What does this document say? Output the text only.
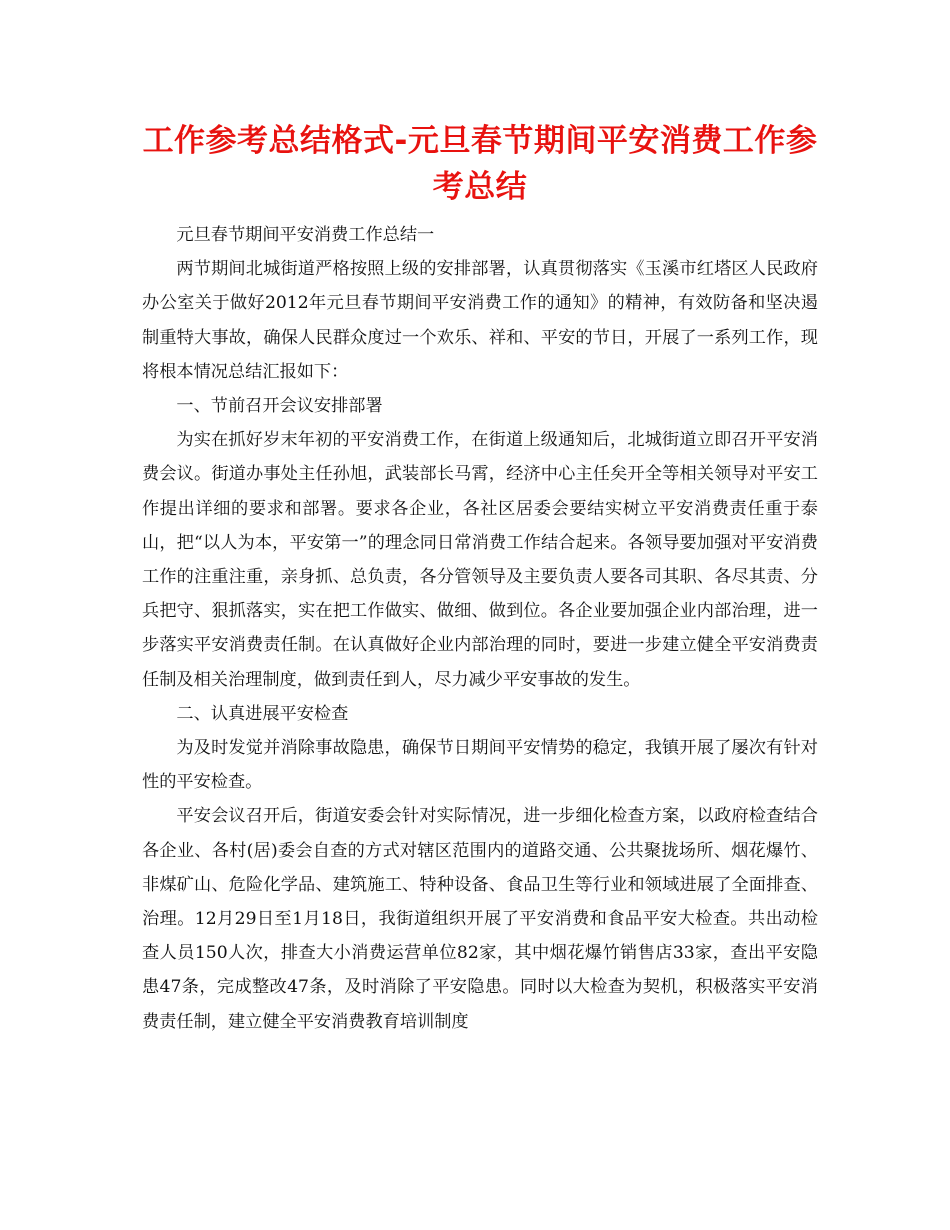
工作参考总结格式-元旦春节期间平安消费工作参考总结

元旦春节期间平安消费工作总结一

两节期间北城街道严格按照上级的安排部署，认真贯彻落实《玉溪市红塔区人民政府办公室关于做好2012年元旦春节期间平安消费工作的通知》的精神，有效防备和坚决遏制重特大事故，确保人民群众度过一个欢乐、祥和、平安的节日，开展了一系列工作，现将根本情况总结汇报如下：

一、节前召开会议安排部署

为实在抓好岁末年初的平安消费工作，在街道上级通知后，北城街道立即召开平安消费会议。街道办事处主任孙旭，武装部长马霄，经济中心主任矣开全等相关领导对平安工作提出详细的要求和部署。要求各企业，各社区居委会要结实树立平安消费责任重于泰山，把“以人为本，平安第一”的理念同日常消费工作结合起来。各领导要加强对平安消费工作的注重注重，亲身抓、总负责，各分管领导及主要负责人要各司其职、各尽其责、分兵把守、狠抓落实，实在把工作做实、做细、做到位。各企业要加强企业内部治理，进一步落实平安消费责任制。在认真做好企业内部治理的同时，要进一步建立健全平安消费责任制及相关治理制度，做到责任到人，尽力减少平安事故的发生。

二、认真进展平安检查

为及时发觉并消除事故隐患，确保节日期间平安情势的稳定，我镇开展了屡次有针对性的平安检查。

平安会议召开后，街道安委会针对实际情况，进一步细化检查方案，以政府检查结合各企业、各村(居)委会自查的方式对辖区范围内的道路交通、公共聚拢场所、烟花爆竹、非煤矿山、危险化学品、建筑施工、特种设备、食品卫生等行业和领域进展了全面排查、治理。12月29日至1月18日，我街道组织开展了平安消费和食品平安大检查。共出动检查人员150人次，排查大小消费运营单位82家，其中烟花爆竹销售店33家，查出平安隐患47条，完成整改47条，及时消除了平安隐患。同时以大检查为契机，积极落实平安消费责任制，建立健全平安消费教育培训制度
